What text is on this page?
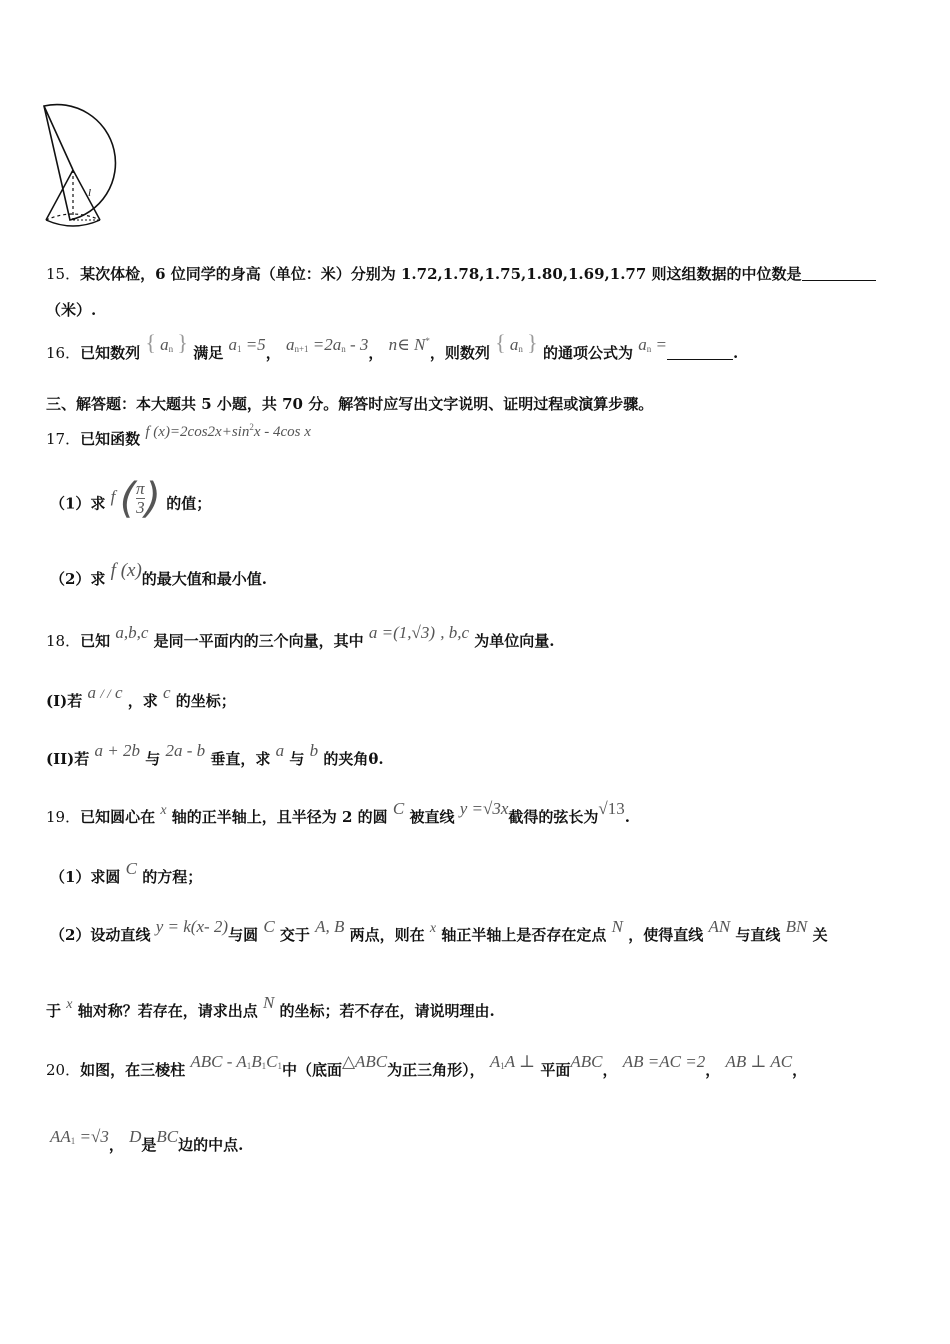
l
15．某次体检，6 位同学的身高（单位：米）分别为 1.72,1.78,1.75,1.80,1.69,1.77 则这组数据的中位数是
（米）.
16．已知数列 { $a_n$ } 满足 $a_1 =5$， $a_{n+1} =2a_n - 3$， n∈ N*，则数列 { $a_n$ } 的通项公式为 $a_n$ =	.
三、解答题：本大题共 5 小题，共 70 分。解答时应写出文字说明、证明过程或演算步骤。
17．已知函数 f $(x)=2\cos 2x+\sin^2x - 4\cos$ x
（1）求 f ( $\frac{\pi}{3}$ ) 的值；
（2）求 f (x)的最大值和最小值.
18．已知 a,b,c 是同一平面内的三个向量，其中 a =(1,√3) , b,c 为单位向量.
(I)若 a / / c ，求 c 的坐标；
(II)若 a + 2b 与 2a - b 垂直，求 a 与 b 的夹角θ.
19．已知圆心在 x 轴的正半轴上，且半径为 2 的圆 C 被直线 y =√3x截得的弦长为√13.
（1）求圆 C 的方程；
（2）设动直线 y = k(x- 2)与圆 C 交于 A, B 两点，则在 x 轴正半轴上是否存在定点 N ，使得直线 AN 与直线 BN 关
于 x 轴对称？若存在，请求出点 N 的坐标；若不存在，请说明理由.
20．如图，在三棱柱 ABC - $A_1B_1C_1$中（底面△ABC为正三角形）， $A_1A$ ⊥ 平面ABC， AB =AC =2， AB ⊥ AC，
$AA_1 =√3$， D是BC边的中点.
